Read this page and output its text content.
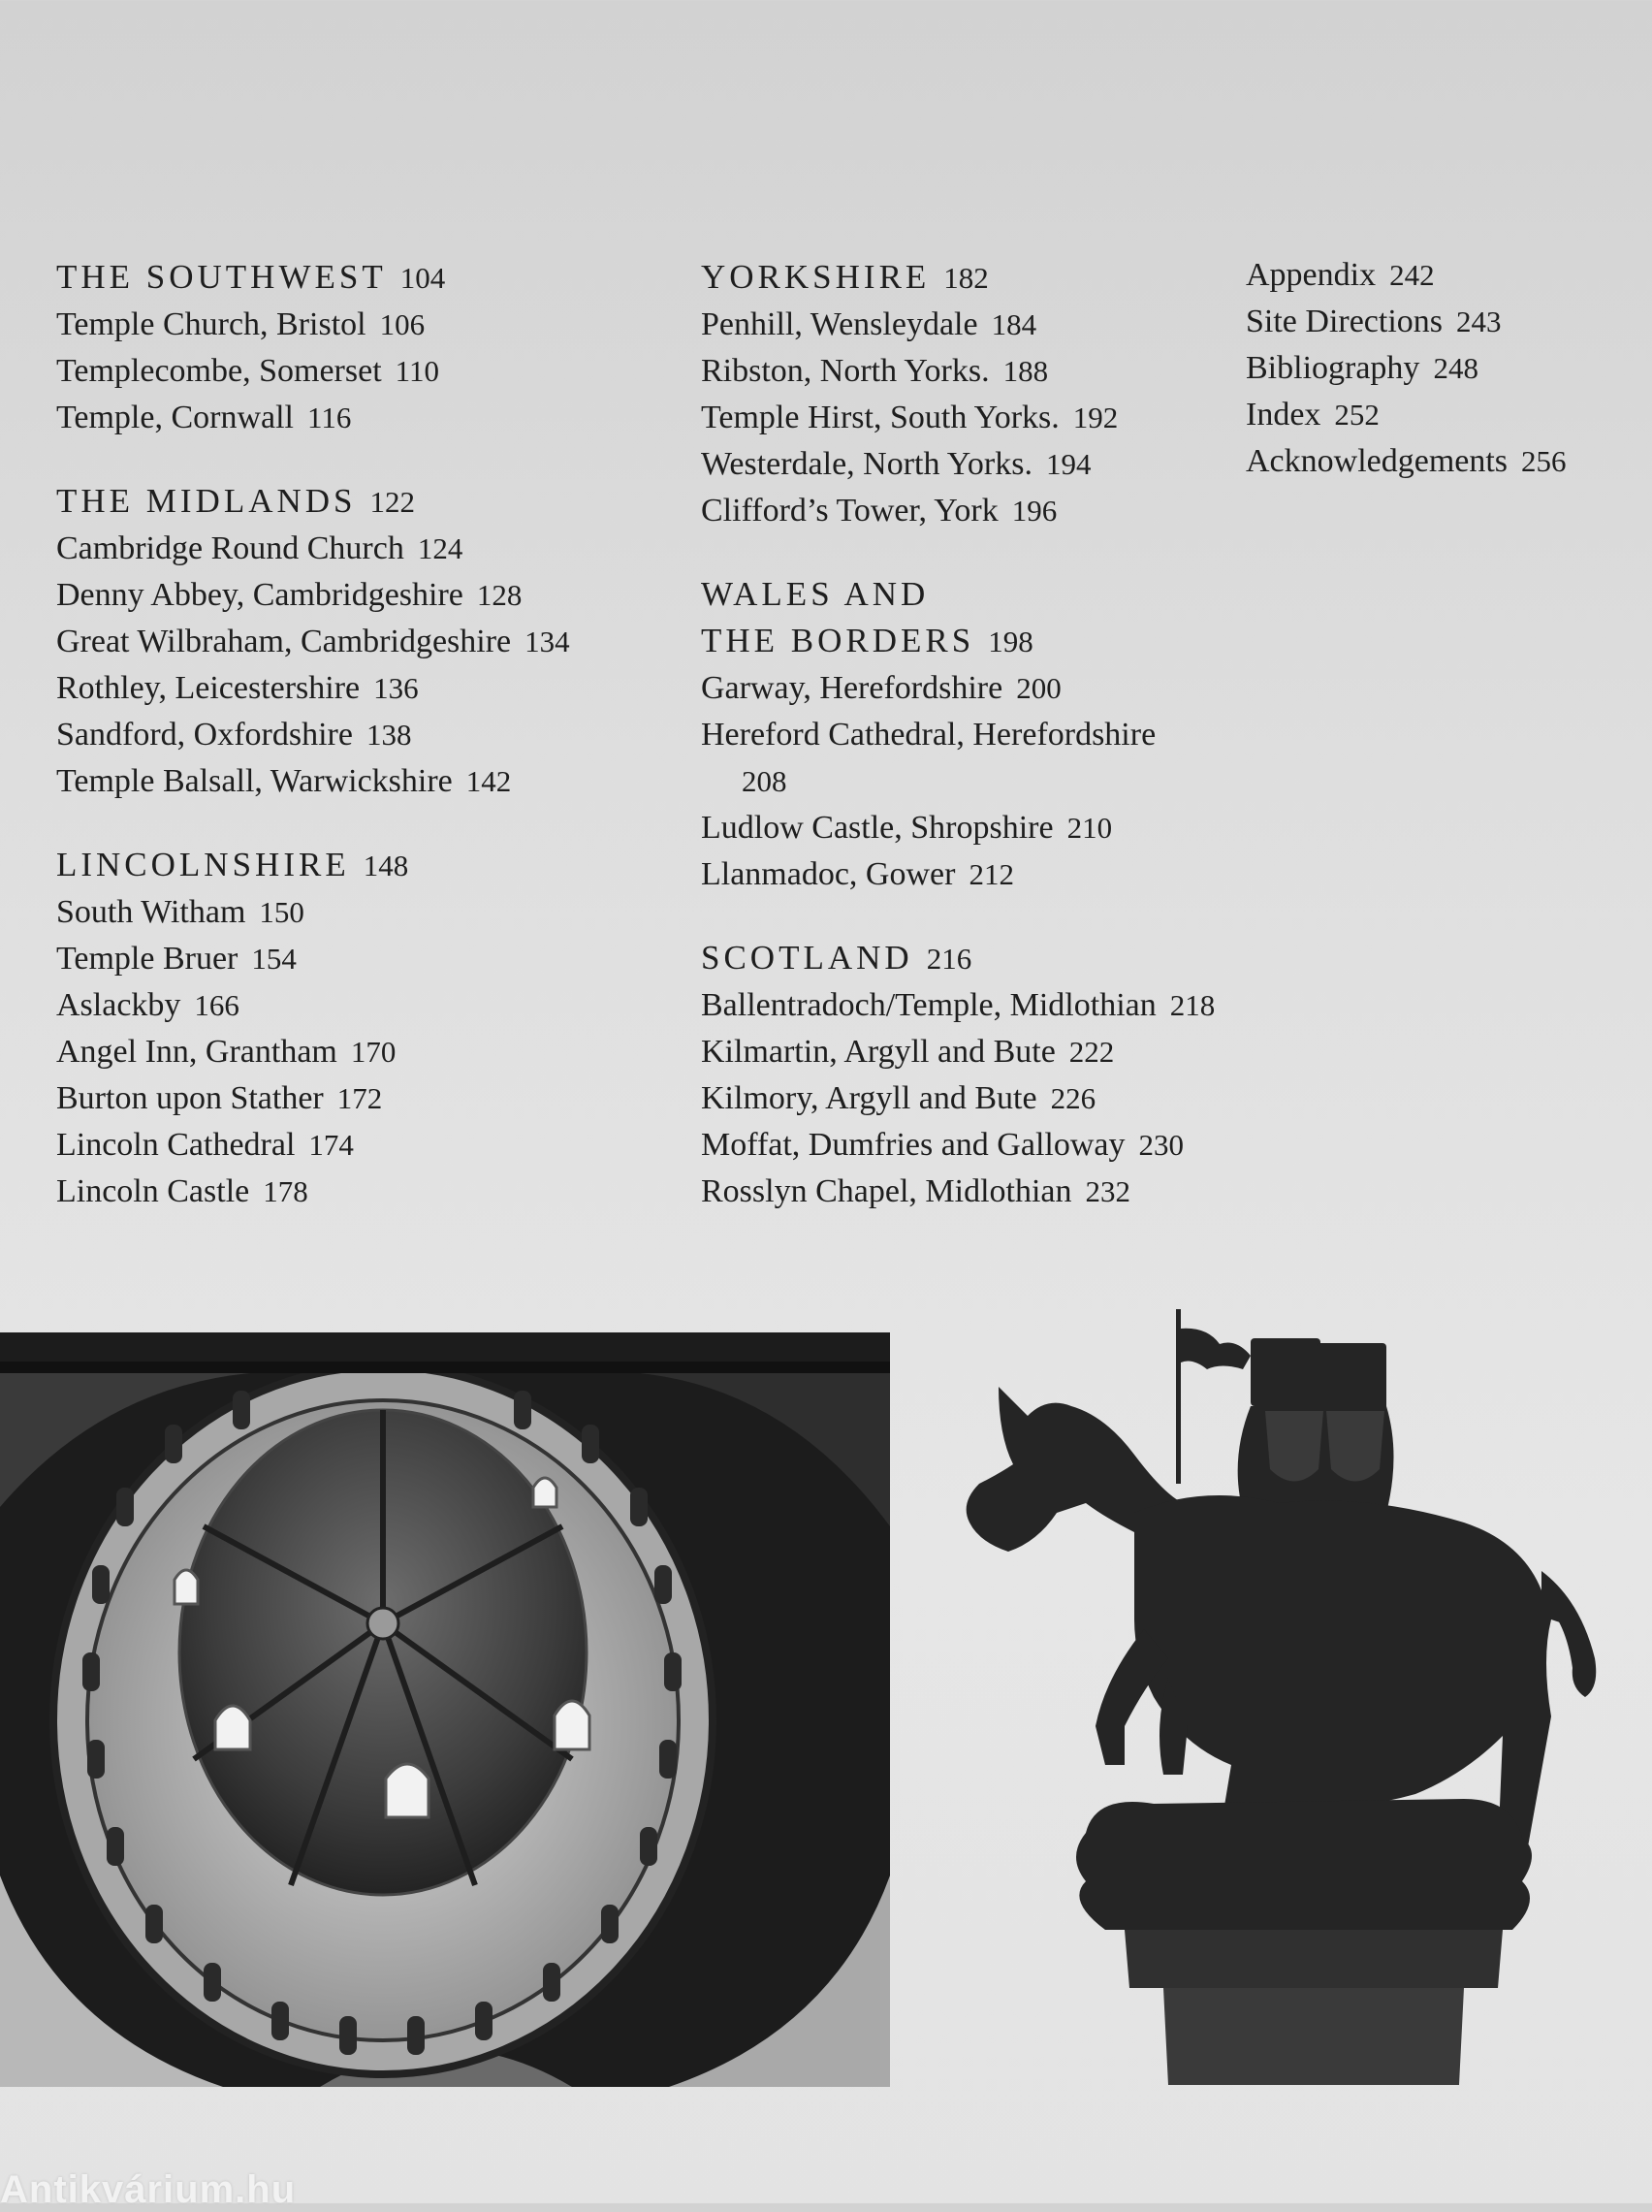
THE SOUTHWEST 104
Temple Church, Bristol 106
Templecombe, Somerset 110
Temple, Cornwall 116
THE MIDLANDS 122
Cambridge Round Church 124
Denny Abbey, Cambridgeshire 128
Great Wilbraham, Cambridgeshire 134
Rothley, Leicestershire 136
Sandford, Oxfordshire 138
Temple Balsall, Warwickshire 142
LINCOLNSHIRE 148
South Witham 150
Temple Bruer 154
Aslackby 166
Angel Inn, Grantham 170
Burton upon Stather 172
Lincoln Cathedral 174
Lincoln Castle 178
YORKSHIRE 182
Penhill, Wensleydale 184
Ribston, North Yorks. 188
Temple Hirst, South Yorks. 192
Westerdale, North Yorks. 194
Clifford’s Tower, York 196
WALES AND
THE BORDERS 198
Garway, Herefordshire 200
Hereford Cathedral, Herefordshire
208
Ludlow Castle, Shropshire 210
Llanmadoc, Gower 212
SCOTLAND 216
Ballentradoch/Temple, Midlothian 218
Kilmartin, Argyll and Bute 222
Kilmory, Argyll and Bute 226
Moffat, Dumfries and Galloway 230
Rosslyn Chapel, Midlothian 232
Appendix 242
Site Directions 243
Bibliography 248
Index 252
Acknowledgements 256
Antikvárium.hu
